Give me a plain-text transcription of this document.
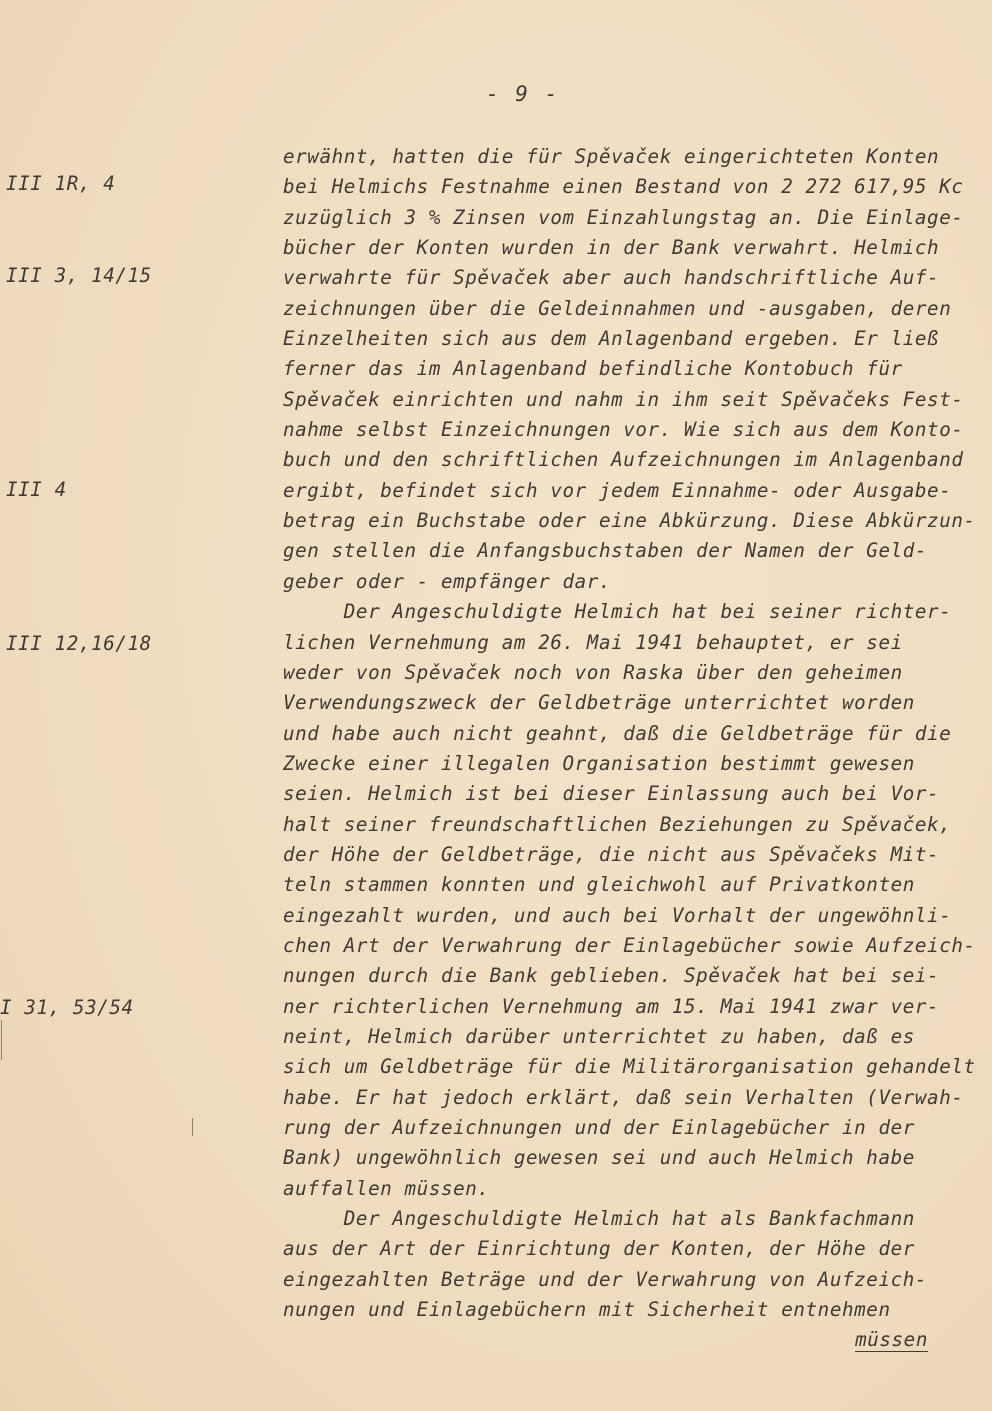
- 9 -
III 1R, 4
III 3, 14/15
III 4
III 12,16/18
I 31, 53/54
erwähnt, hatten die für Spěvaček eingerichteten Konten
bei Helmichs Festnahme einen Bestand von 2 272 617,95 Kc
zuzüglich 3 % Zinsen vom Einzahlungstag an. Die Einlage-
bücher der Konten wurden in der Bank verwahrt. Helmich
verwahrte für Spěvaček aber auch handschriftliche Auf-
zeichnungen über die Geldeinnahmen und -ausgaben, deren
Einzelheiten sich aus dem Anlagenband ergeben. Er ließ
ferner das im Anlagenband befindliche Kontobuch für
Spěvaček einrichten und nahm in ihm seit Spěvačeks Fest-
nahme selbst Einzeichnungen vor. Wie sich aus dem Konto-
buch und den schriftlichen Aufzeichnungen im Anlagenband
ergibt, befindet sich vor jedem Einnahme- oder Ausgabe-
betrag ein Buchstabe oder eine Abkürzung. Diese Abkürzun-
gen stellen die Anfangsbuchstaben der Namen der Geld-
geber oder - empfänger dar.
Der Angeschuldigte Helmich hat bei seiner richter-
lichen Vernehmung am 26. Mai 1941 behauptet, er sei
weder von Spěvaček noch von Raska über den geheimen
Verwendungszweck der Geldbeträge unterrichtet worden
und habe auch nicht geahnt, daß die Geldbeträge für die
Zwecke einer illegalen Organisation bestimmt gewesen
seien. Helmich ist bei dieser Einlassung auch bei Vor-
halt seiner freundschaftlichen Beziehungen zu Spěvaček,
der Höhe der Geldbeträge, die nicht aus Spěvačeks Mit-
teln stammen konnten und gleichwohl auf Privatkonten
eingezahlt wurden, und auch bei Vorhalt der ungewöhnli-
chen Art der Verwahrung der Einlagebücher sowie Aufzeich-
nungen durch die Bank geblieben. Spěvaček hat bei sei-
ner richterlichen Vernehmung am 15. Mai 1941 zwar ver-
neint, Helmich darüber unterrichtet zu haben, daß es
sich um Geldbeträge für die Militärorganisation gehandelt
habe. Er hat jedoch erklärt, daß sein Verhalten (Verwah-
rung der Aufzeichnungen und der Einlagebücher in der
Bank) ungewöhnlich gewesen sei und auch Helmich habe
auffallen müssen.
Der Angeschuldigte Helmich hat als Bankfachmann
aus der Art der Einrichtung der Konten, der Höhe der
eingezahlten Beträge und der Verwahrung von Aufzeich-
nungen und Einlagebüchern mit Sicherheit entnehmen
müssen
